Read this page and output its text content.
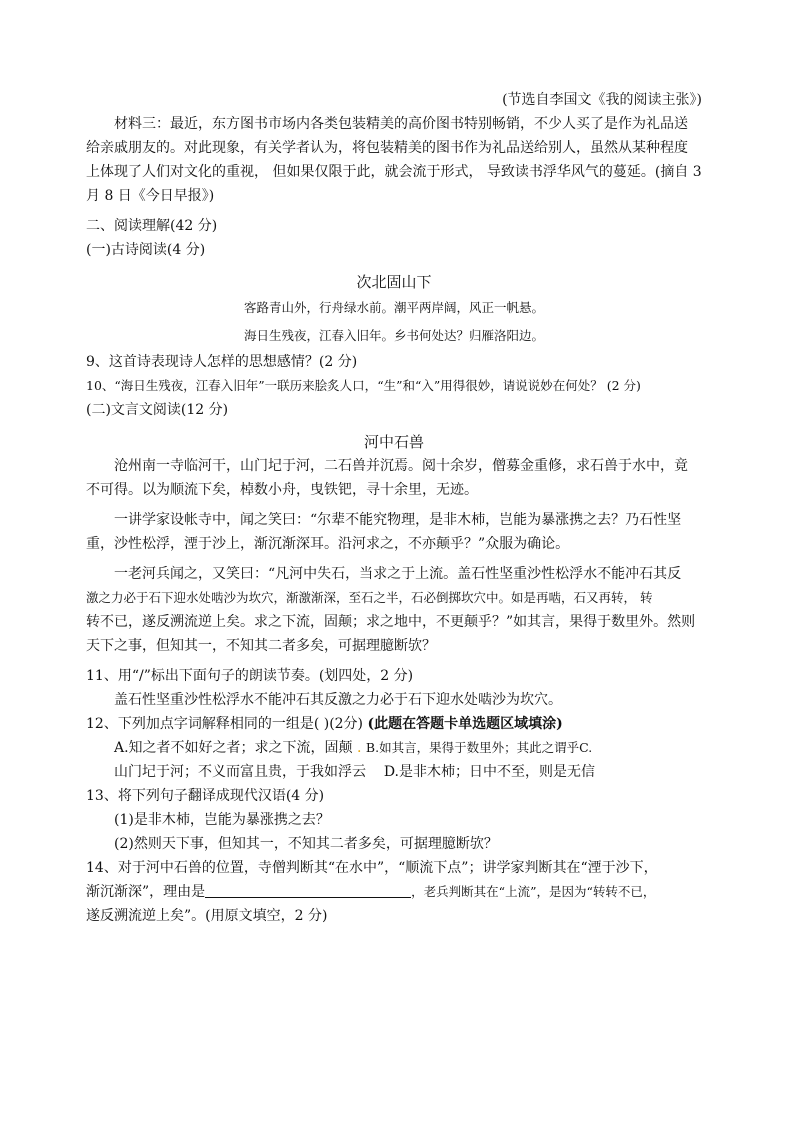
(节选自李国文《我的阅读主张》)
材料三：最近，东方图书市场内各类包装精美的高价图书特别畅销，不少人买了是作为礼品送
给亲戚朋友的。对此现象，有关学者认为，将包装精美的图书作为礼品送给别人，虽然从某种程度
上体现了人们对文化的重视， 但如果仅限于此，就会流于形式， 导致读书浮华风气的蔓延。(摘自 3
月 8 日《今日早报》)
二、阅读理解(42 分)
(一)古诗阅读(4 分)
次北固山下
客路青山外，行舟绿水前。潮平两岸阔，风正一帆悬。
海日生残夜，江春入旧年。乡书何处达？归雁洛阳边。
9、这首诗表现诗人怎样的思想感情？(2 分)
10、“海日生残夜，江春入旧年”一联历来脍炙人口，“生”和“入”用得很妙，请说说妙在何处？ (2 分)
(二)文言文阅读(12 分)
河中石兽
沧州南一寺临河干，山门圮于河，二石兽并沉焉。阅十余岁，僧募金重修，求石兽于水中，竟
不可得。以为顺流下矣，棹数小舟，曳铁钯，寻十余里，无迹。
一讲学家设帐寺中，闻之笑曰：“尔辈不能究物理，是非木杮，岂能为暴涨携之去？乃石性坚
重，沙性松浮，湮于沙上，渐沉渐深耳。沿河求之，不亦颠乎？”众服为确论。
一老河兵闻之，又笑曰：“凡河中失石，当求之于上流。盖石性坚重沙性松浮水不能冲石其反
激之力必于石下迎水处啮沙为坎穴，渐激渐深，至石之半，石必倒掷坎穴中。如是再啮，石又再转， 转
转不已，遂反溯流逆上矣。求之下流，固颠；求之地中，不更颠乎？”如其言，果得于数里外。然则
天下之事，但知其一，不知其二者多矣，可据理臆断欤？
11、用“/”标出下面句子的朗读节奏。(划四处，2 分)
盖石性坚重沙性松浮水不能冲石其反激之力必于石下迎水处啮沙为坎穴。
12、下列加点字词解释相同的一组是( )(2分) (此题在答题卡单选题区域填涂)
A.知之者不如好之者；求之下流，固颠 . B.如其言，果得于数里外；其此之谓乎C.
山门圮于河；不义而富且贵，于我如浮云 D.是非木杮；日中不至，则是无信
13、将下列句子翻译成现代汉语(4 分)
(1)是非木杮，岂能为暴涨携之去？
(2)然则天下事，但知其一，不知其二者多矣，可据理臆断欤？
14、对于河中石兽的位置，寺僧判断其“在水中”，“顺流下点”；讲学家判断其在“湮于沙下，
渐沉渐深”，理由是	，老兵判断其在“上流”，是因为“转转不已，
遂反溯流逆上矣”。(用原文填空，2 分)
